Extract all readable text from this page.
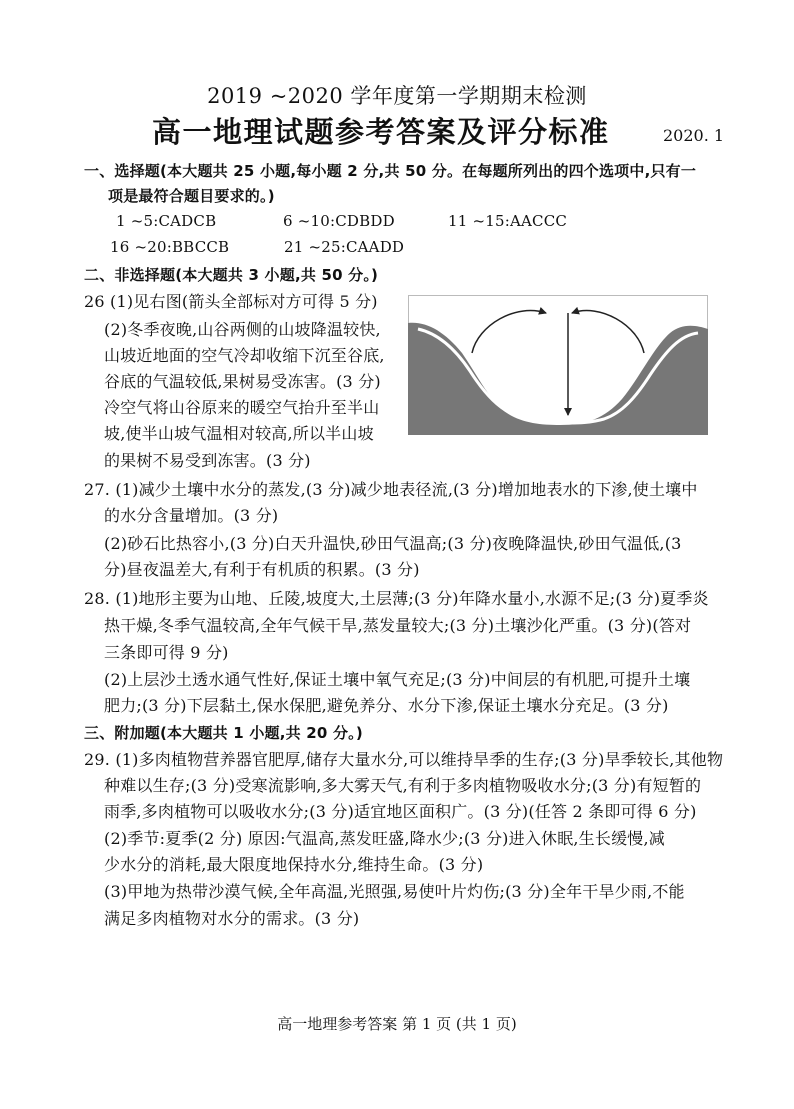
2019 ~2020 学年度第一学期期末检测
高一地理试题参考答案及评分标准	2020. 1
一、选择题(本大题共 25 小题,每小题 2 分,共 50 分。在每题所列出的四个选项中,只有一
项是最符合题目要求的。)
1 ~5:CADCB	6 ~10:CDBDD	11 ~15:AACCC
16 ~20:BBCCB	21 ~25:CAADD
二、非选择题(本大题共 3 小题,共 50 分。)
26 (1)见右图(箭头全部标对方可得 5 分)
(2)冬季夜晚,山谷两侧的山坡降温较快,
山坡近地面的空气冷却收缩下沉至谷底,
谷底的气温较低,果树易受冻害。(3 分)
冷空气将山谷原来的暖空气抬升至半山
坡,使半山坡气温相对较高,所以半山坡
的果树不易受到冻害。(3 分)
27. (1)减少土壤中水分的蒸发,(3 分)减少地表径流,(3 分)增加地表水的下渗,使土壤中
的水分含量增加。(3 分)
(2)砂石比热容小,(3 分)白天升温快,砂田气温高;(3 分)夜晚降温快,砂田气温低,(3
分)昼夜温差大,有利于有机质的积累。(3 分)
28. (1)地形主要为山地、丘陵,坡度大,土层薄;(3 分)年降水量小,水源不足;(3 分)夏季炎
热干燥,冬季气温较高,全年气候干旱,蒸发量较大;(3 分)土壤沙化严重。(3 分)(答对
三条即可得 9 分)
(2)上层沙土透水通气性好,保证土壤中氧气充足;(3 分)中间层的有机肥,可提升土壤
肥力;(3 分)下层黏土,保水保肥,避免养分、水分下渗,保证土壤水分充足。(3 分)
三、附加题(本大题共 1 小题,共 20 分。)
29. (1)多肉植物营养器官肥厚,储存大量水分,可以维持旱季的生存;(3 分)旱季较长,其他物
种难以生存;(3 分)受寒流影响,多大雾天气,有利于多肉植物吸收水分;(3 分)有短暂的
雨季,多肉植物可以吸收水分;(3 分)适宜地区面积广。(3 分)(任答 2 条即可得 6 分)
(2)季节:夏季(2 分) 原因:气温高,蒸发旺盛,降水少;(3 分)进入休眠,生长缓慢,减
少水分的消耗,最大限度地保持水分,维持生命。(3 分)
(3)甲地为热带沙漠气候,全年高温,光照强,易使叶片灼伤;(3 分)全年干旱少雨,不能
满足多肉植物对水分的需求。(3 分)
高一地理参考答案 第 1 页 (共 1 页)
